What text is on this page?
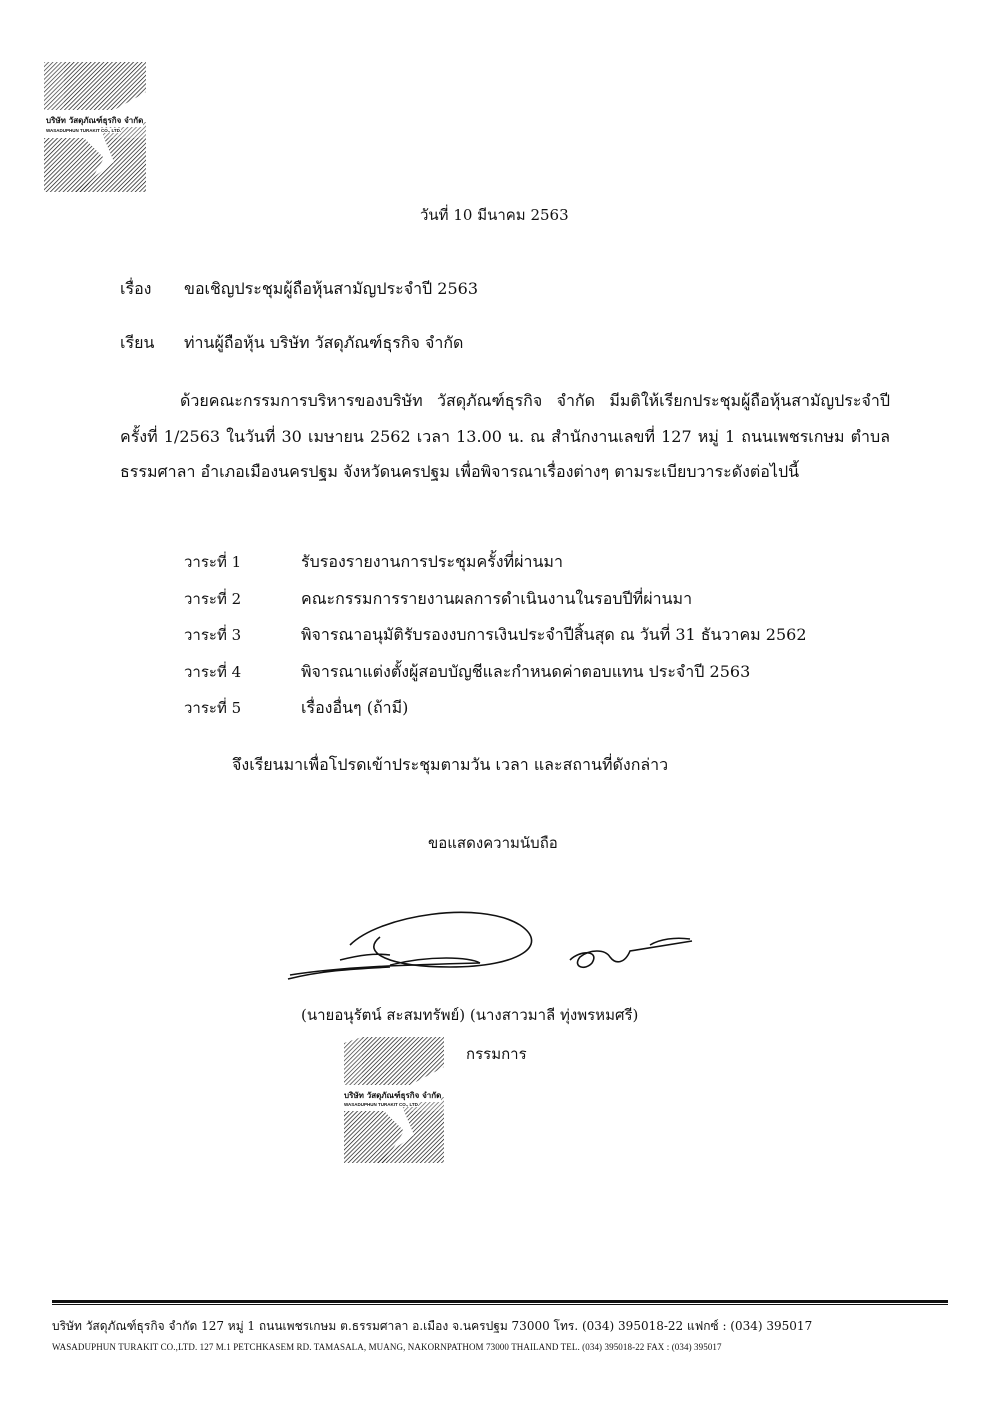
บริษัท วัสดุภัณฑ์ธุรกิจ จำกัด
WASADUPHUN TURAKIT CO., LTD.
วันที่ 10 มีนาคม 2563
เรื่อง ขอเชิญประชุมผู้ถือหุ้นสามัญประจำปี 2563
เรียน ท่านผู้ถือหุ้น บริษัท วัสดุภัณฑ์ธุรกิจ จำกัด

ด้วยคณะกรรมการบริหารของบริษัท วัสดุภัณฑ์ธุรกิจ จำกัด มีมติให้เรียกประชุมผู้ถือหุ้นสามัญประจำปี ครั้งที่ 1/2563 ในวันที่ 30 เมษายน 2562 เวลา 13.00 น. ณ สำนักงานเลขที่ 127 หมู่ 1 ถนนเพชรเกษม ตำบลธรรมศาลา อำเภอเมืองนครปฐม จังหวัดนครปฐม เพื่อพิจารณาเรื่องต่างๆ ตามระเบียบวาระดังต่อไปนี้

วาระที่ 1	รับรองรายงานการประชุมครั้งที่ผ่านมา
วาระที่ 2	คณะกรรมการรายงานผลการดำเนินงานในรอบปีที่ผ่านมา
วาระที่ 3	พิจารณาอนุมัติรับรองงบการเงินประจำปีสิ้นสุด ณ วันที่ 31 ธันวาคม 2562
วาระที่ 4	พิจารณาแต่งตั้งผู้สอบบัญชีและกำหนดค่าตอบแทน ประจำปี 2563
วาระที่ 5	เรื่องอื่นๆ (ถ้ามี)
จึงเรียนมาเพื่อโปรดเข้าประชุมตามวัน เวลา และสถานที่ดังกล่าว
ขอแสดงความนับถือ
(นายอนุรัตน์ สะสมทรัพย์) (นางสาวมาลี ทุ่งพรหมศรี)
กรรมการ
บริษัท วัสดุภัณฑ์ธุรกิจ จำกัด
WASADUPHUN TURAKIT CO., LTD.
บริษัท วัสดุภัณฑ์ธุรกิจ จำกัด 127 หมู่ 1 ถนนเพชรเกษม ต.ธรรมศาลา อ.เมือง จ.นครปฐม 73000 โทร. (034) 395018-22 แฟกซ์ : (034) 395017
WASADUPHUN TURAKIT CO.,LTD. 127 M.1 PETCHKASEM RD. TAMASALA, MUANG, NAKORNPATHOM 73000 THAILAND TEL. (034) 395018-22 FAX : (034) 395017
